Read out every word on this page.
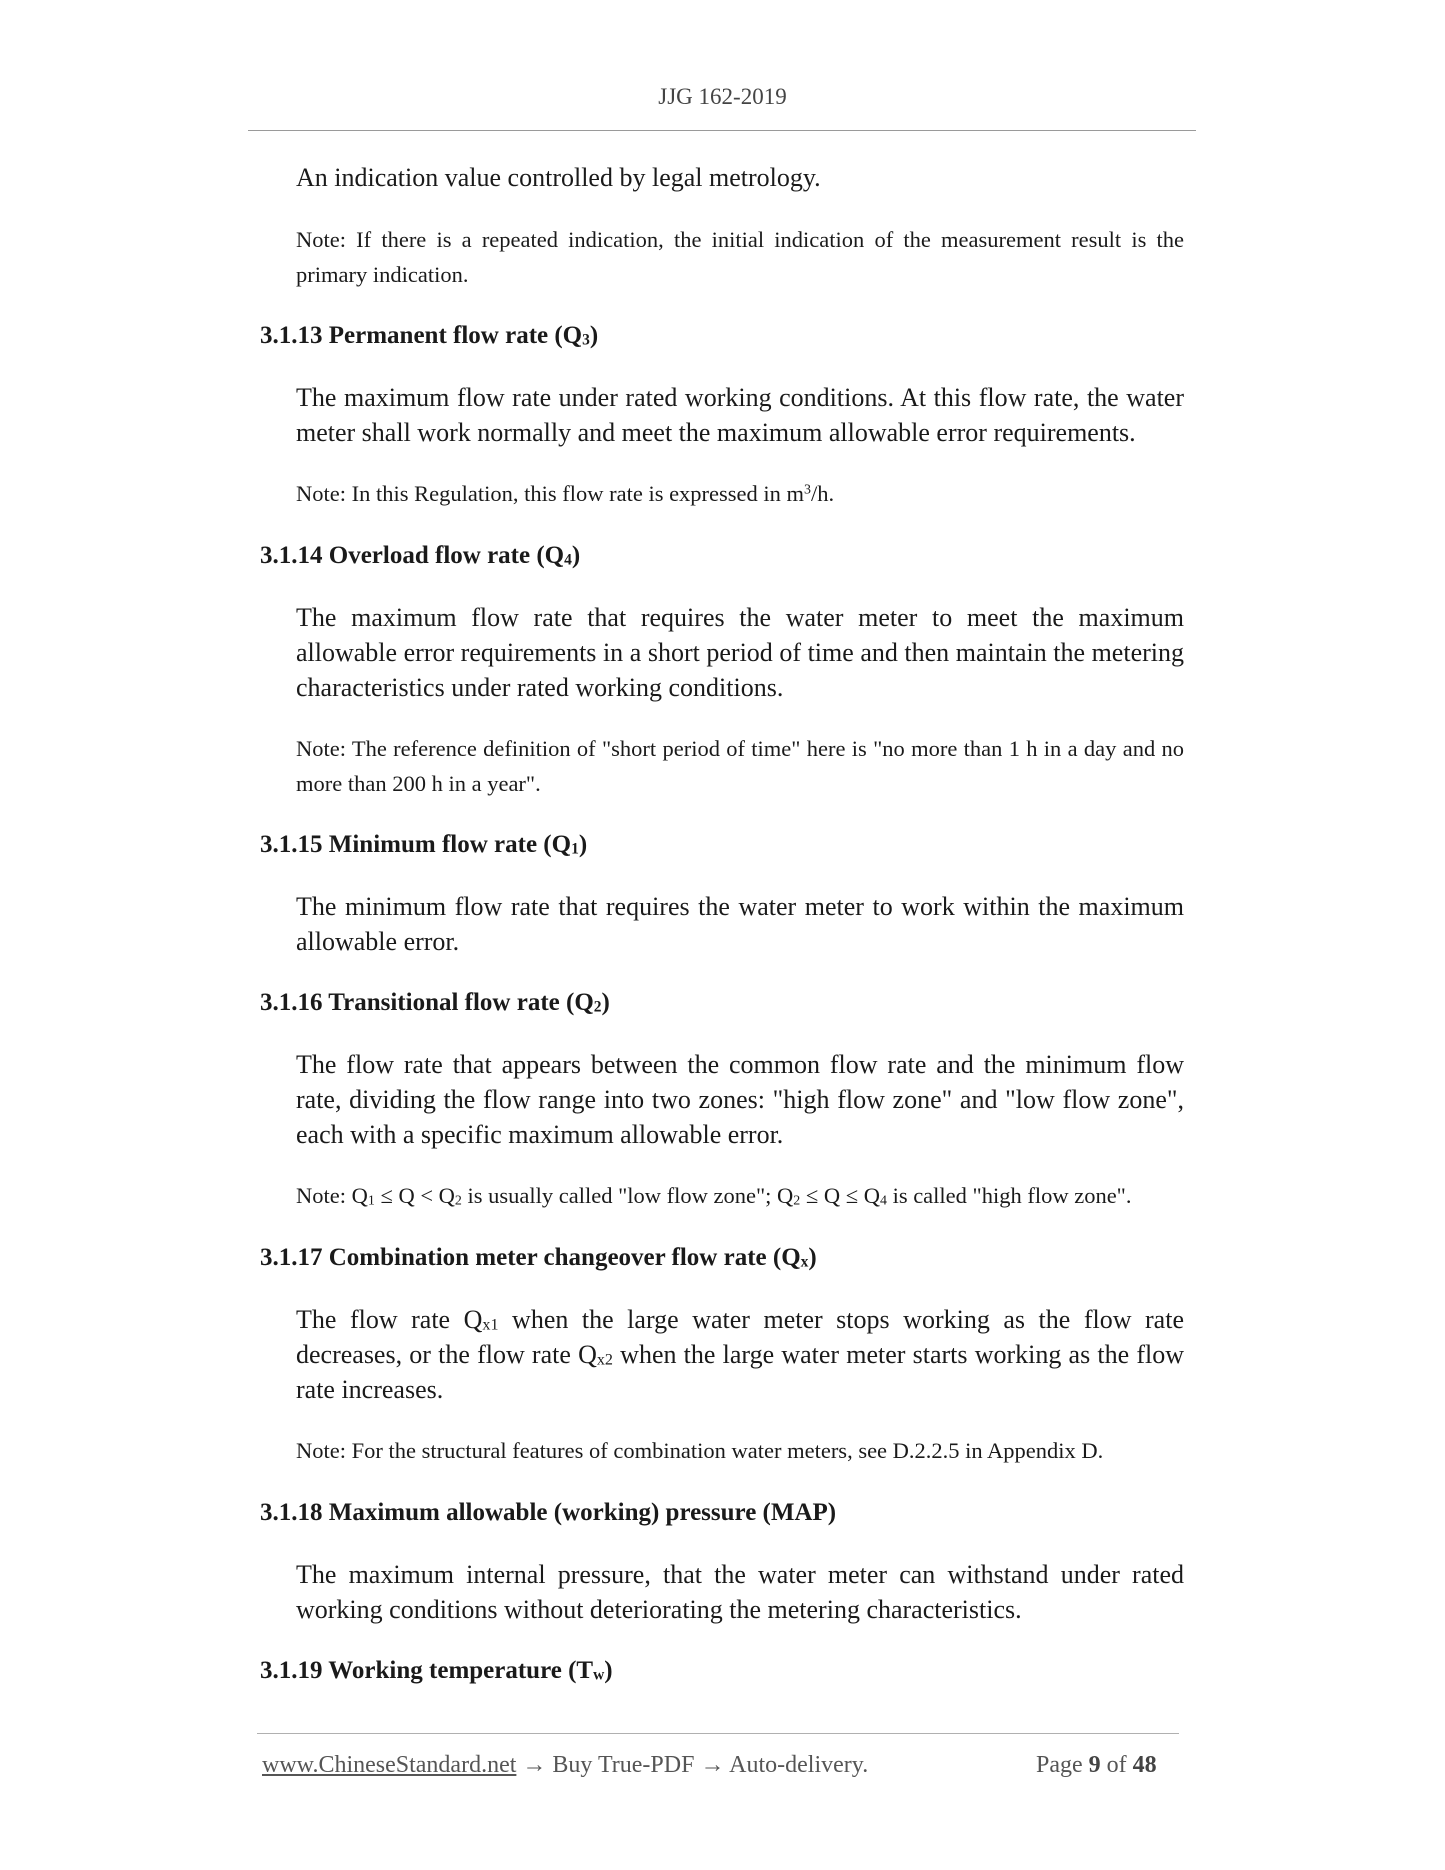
JJG 162-2019
An indication value controlled by legal metrology.
Note: If there is a repeated indication, the initial indication of the measurement result is the primary indication.
3.1.13 Permanent flow rate $(Q_3)$
The maximum flow rate under rated working conditions. At this flow rate, the water meter shall work normally and meet the maximum allowable error requirements.
Note: In this Regulation, this flow rate is expressed in $m^3/h$.
3.1.14 Overload flow rate $(Q_4)$
The maximum flow rate that requires the water meter to meet the maximum allowable error requirements in a short period of time and then maintain the metering characteristics under rated working conditions.
Note: The reference definition of "short period of time" here is "no more than 1 h in a day and no more than 200 h in a year".
3.1.15 Minimum flow rate $(Q_1)$
The minimum flow rate that requires the water meter to work within the maximum allowable error.
3.1.16 Transitional flow rate $(Q_2)$
The flow rate that appears between the common flow rate and the minimum flow rate, dividing the flow range into two zones: "high flow zone" and "low flow zone", each with a specific maximum allowable error.
Note: $Q_1 \le Q < Q_2$ is usually called "low flow zone"; $Q_2 \le Q \le Q_4$ is called "high flow zone".
3.1.17 Combination meter changeover flow rate $(Q_x)$
The flow rate $Q_{x1}$ when the large water meter stops working as the flow rate decreases, or the flow rate $Q_{x2}$ when the large water meter starts working as the flow rate increases.
Note: For the structural features of combination water meters, see D.2.2.5 in Appendix D.
3.1.18 Maximum allowable (working) pressure (MAP)
The maximum internal pressure, that the water meter can withstand under rated working conditions without deteriorating the metering characteristics.
3.1.19 Working temperature $(T_w)$
www.ChineseStandard.net → Buy True-PDF → Auto-delivery.	Page 9 of 48
